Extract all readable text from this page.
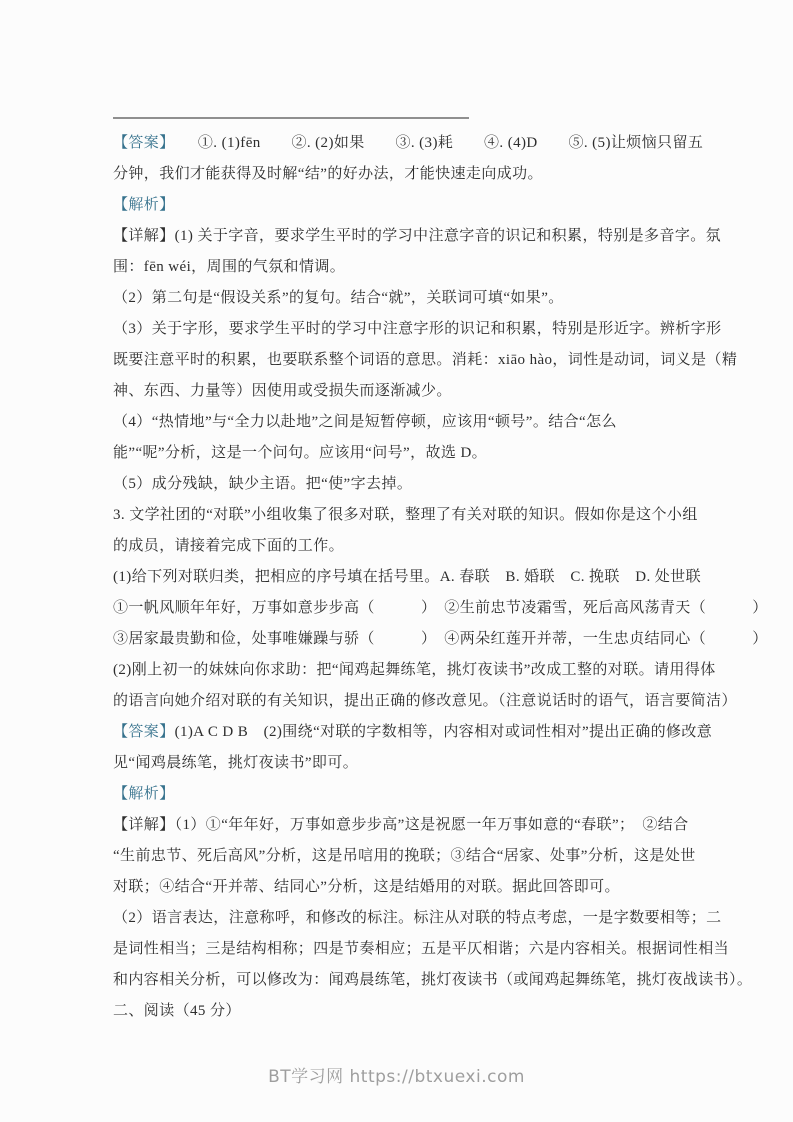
【答案】　　①. (1)fēn　　②. (2)如果　　③. (3)耗　　④. (4)D　　⑤. (5)让烦恼只留五
分钟，我们才能获得及时解“结”的好办法，才能快速走向成功。
【解析】
【详解】(1) 关于字音，要求学生平时的学习中注意字音的识记和积累，特别是多音字。氛
围：fēn wéi，周围的气氛和情调。
（2）第二句是“假设关系”的复句。结合“就”，关联词可填“如果”。
（3）关于字形，要求学生平时的学习中注意字形的识记和积累，特别是形近字。辨析字形
既要注意平时的积累，也要联系整个词语的意思。消耗：xiāo hào，词性是动词，词义是（精
神、东西、力量等）因使用或受损失而逐渐减少。
（4）“热情地”与“全力以赴地”之间是短暂停顿，应该用“顿号”。结合“怎么
能”“呢”分析，这是一个问句。应该用“问号”，故选 D。
（5）成分残缺，缺少主语。把“使”字去掉。
3. 文学社团的“对联”小组收集了很多对联，整理了有关对联的知识。假如你是这个小组
的成员，请接着完成下面的工作。
(1)给下列对联归类，把相应的序号填在括号里。A. 春联　B. 婚联　C. 挽联　D. 处世联
①一帆风顺年年好，万事如意步步高（　　　）　②生前忠节凌霜雪，死后高风荡青天（　　　）
③居家最贵勤和俭，处事唯嫌躁与骄（　　　）　④两朵红莲开并蒂，一生忠贞结同心（　　　）
(2)刚上初一的妹妹向你求助：把“闻鸡起舞练笔，挑灯夜读书”改成工整的对联。请用得体
的语言向她介绍对联的有关知识，提出正确的修改意见。（注意说话时的语气，语言要简洁）
【答案】(1)A C D B　(2)围绕“对联的字数相等，内容相对或词性相对”提出正确的修改意
见“闻鸡晨练笔，挑灯夜读书”即可。
【解析】
【详解】（1）①“年年好，万事如意步步高”这是祝愿一年万事如意的“春联”；　②结合
“生前忠节、死后高风”分析，这是吊唁用的挽联；③结合“居家、处事”分析，这是处世
对联；④结合“开并蒂、结同心”分析，这是结婚用的对联。据此回答即可。
（2）语言表达，注意称呼，和修改的标注。标注从对联的特点考虑，一是字数要相等；二
是词性相当；三是结构相称；四是节奏相应；五是平仄相谐；六是内容相关。根据词性相当
和内容相关分析，可以修改为：闻鸡晨练笔，挑灯夜读书（或闻鸡起舞练笔，挑灯夜战读书）。
二、阅读（45 分）
BT学习网 https://btxuexi.com
